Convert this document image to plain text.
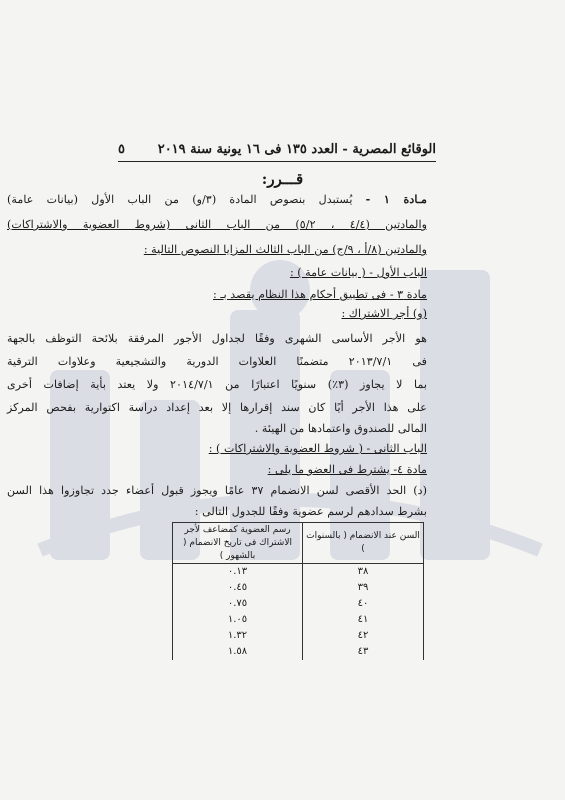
الوقائع المصرية - العدد ١٣٥ فى ١٦ يونية سنة ٢٠١٩
٥
قـــرر:
مـادة ١ - يُستبدل بنصوص المادة (٣/و) من الباب الأول (بيانات عامة)
والمادتين (٤/٤ ، ٥/٢) من الباب الثانى (شروط العضوية والاشتراكات)
والمادتين (٨/أ ، ٩/ج) من الباب الثالث المزايا النصوص التالية :
الباب الأول - ( بيانات عامة ) :
مادة ٣ - فى تطبيق أحكام هذا النظام يقصد بـ :
(و) أجر الاشتراك :
هو الأجر الأساسى الشهرى وفقًا لجداول الأجور المرفقة بلائحة التوظف بالجهة
فى ٢٠١٣/٧/١ متضمنًا العلاوات الدورية والتشجيعية وعلاوات الترقية
بما لا يجاوز (٣٪) سنويًا اعتبارًا من ٢٠١٤/٧/١ ولا يعتد بأية إضافات أخرى
على هذا الأجر أيًا كان سند إقرارها إلا بعد إعداد دراسة اكتوارية بفحص المركز
المالى للصندوق واعتمادها من الهيئة .
الباب الثانى - ( شروط العضوية والاشتراكات ) :
مادة ٤- يشترط فى العضو ما يلى :
(د) الحد الأقصى لسن الانضمام ٣٧ عامًا ويجوز قبول أعضاء جدد تجاوزوا هذا السن
بشرط سدادهم لرسم عضوية وفقًا للجدول التالى :
السن عند الانضمام ( بالسنوات )	رسم العضوية كمضاعف لأجر الاشتراك فى تاريخ الانضمام ( بالشهور )
٣٨	٠.١٣
٣٩	٠.٤٥
٤٠	٠.٧٥
٤١	١.٠٥
٤٢	١.٣٢
٤٣	١.٥٨
